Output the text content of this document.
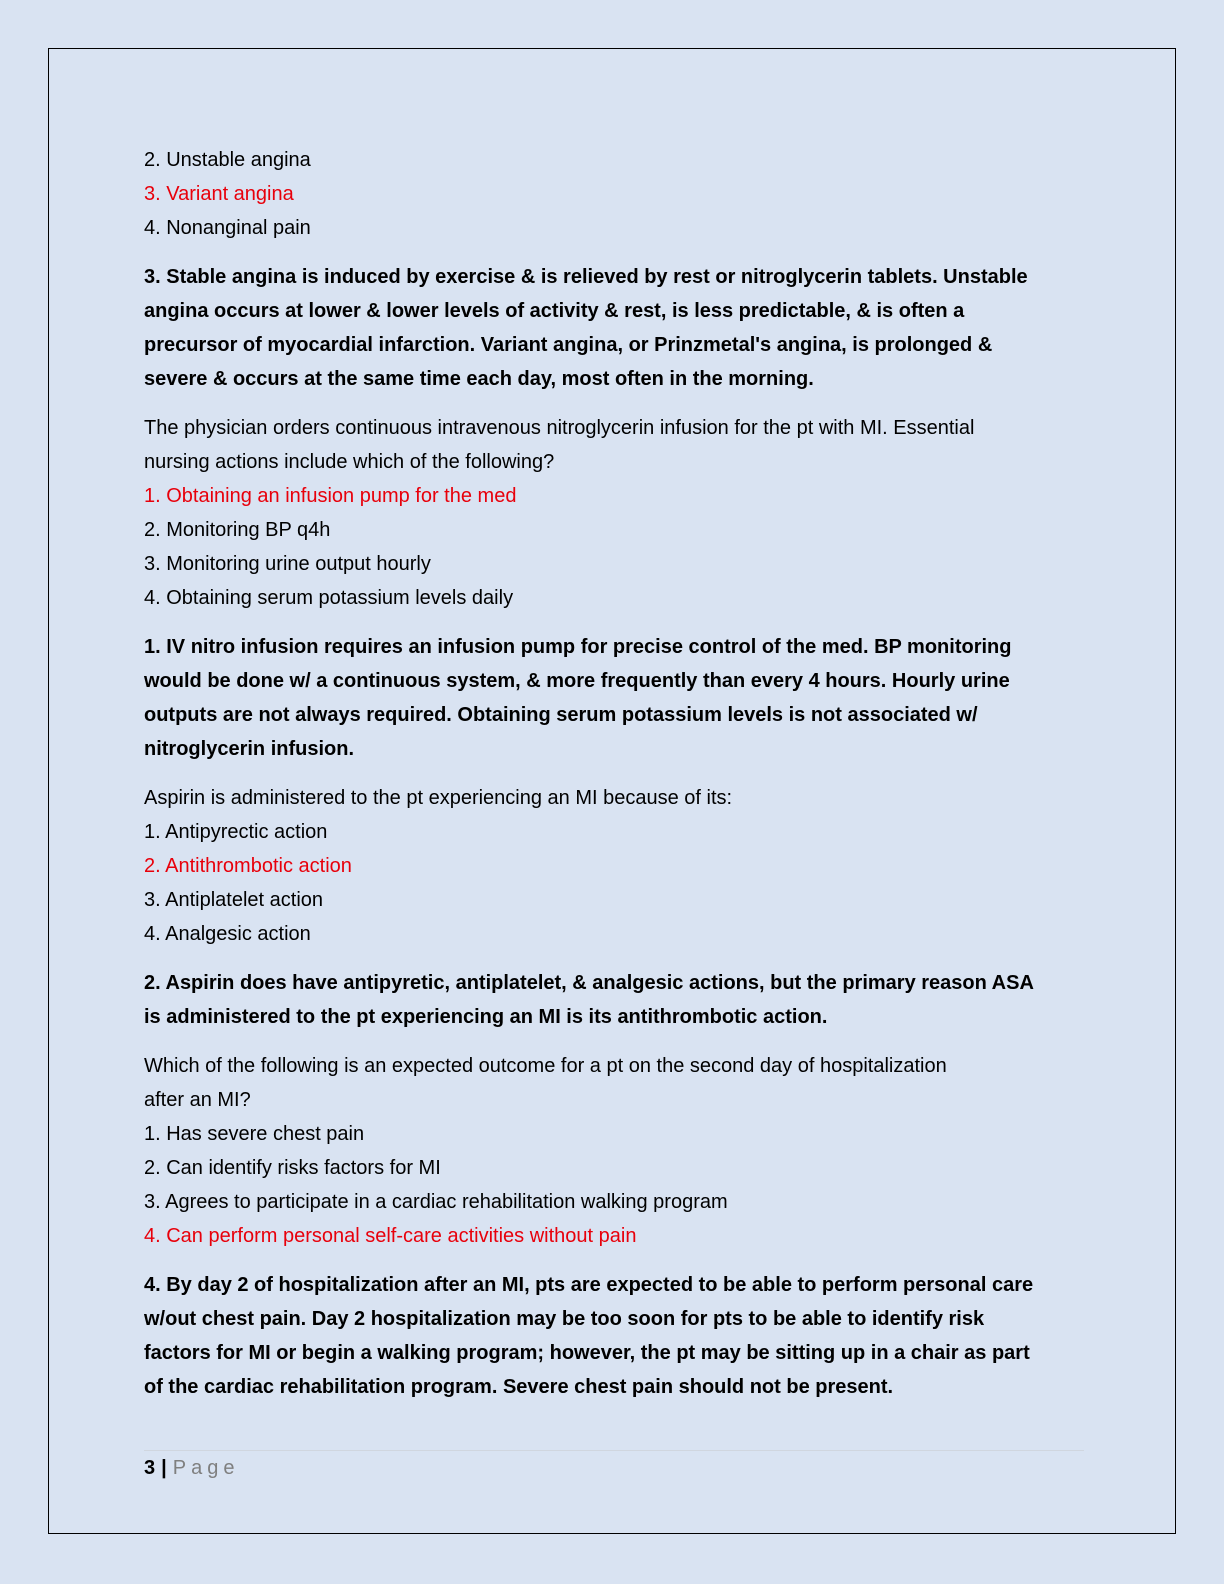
2. Unstable angina
3. Variant angina
4. Nonanginal pain
3. Stable angina is induced by exercise & is relieved by rest or nitroglycerin tablets. Unstable
angina occurs at lower & lower levels of activity & rest, is less predictable, & is often a
precursor of myocardial infarction. Variant angina, or Prinzmetal's angina, is prolonged &
severe & occurs at the same time each day, most often in the morning.
The physician orders continuous intravenous nitroglycerin infusion for the pt with MI. Essential
nursing actions include which of the following?
1. Obtaining an infusion pump for the med
2. Monitoring BP q4h
3. Monitoring urine output hourly
4. Obtaining serum potassium levels daily
1. IV nitro infusion requires an infusion pump for precise control of the med. BP monitoring
would be done w/ a continuous system, & more frequently than every 4 hours. Hourly urine
outputs are not always required. Obtaining serum potassium levels is not associated w/
nitroglycerin infusion.
Aspirin is administered to the pt experiencing an MI because of its:
1. Antipyrectic action
2. Antithrombotic action
3. Antiplatelet action
4. Analgesic action
2. Aspirin does have antipyretic, antiplatelet, & analgesic actions, but the primary reason ASA
is administered to the pt experiencing an MI is its antithrombotic action.
Which of the following is an expected outcome for a pt on the second day of hospitalization
after an MI?
1. Has severe chest pain
2. Can identify risks factors for MI
3. Agrees to participate in a cardiac rehabilitation walking program
4. Can perform personal self-care activities without pain
4. By day 2 of hospitalization after an MI, pts are expected to be able to perform personal care
w/out chest pain. Day 2 hospitalization may be too soon for pts to be able to identify risk
factors for MI or begin a walking program; however, the pt may be sitting up in a chair as part
of the cardiac rehabilitation program. Severe chest pain should not be present.
3 | Page
